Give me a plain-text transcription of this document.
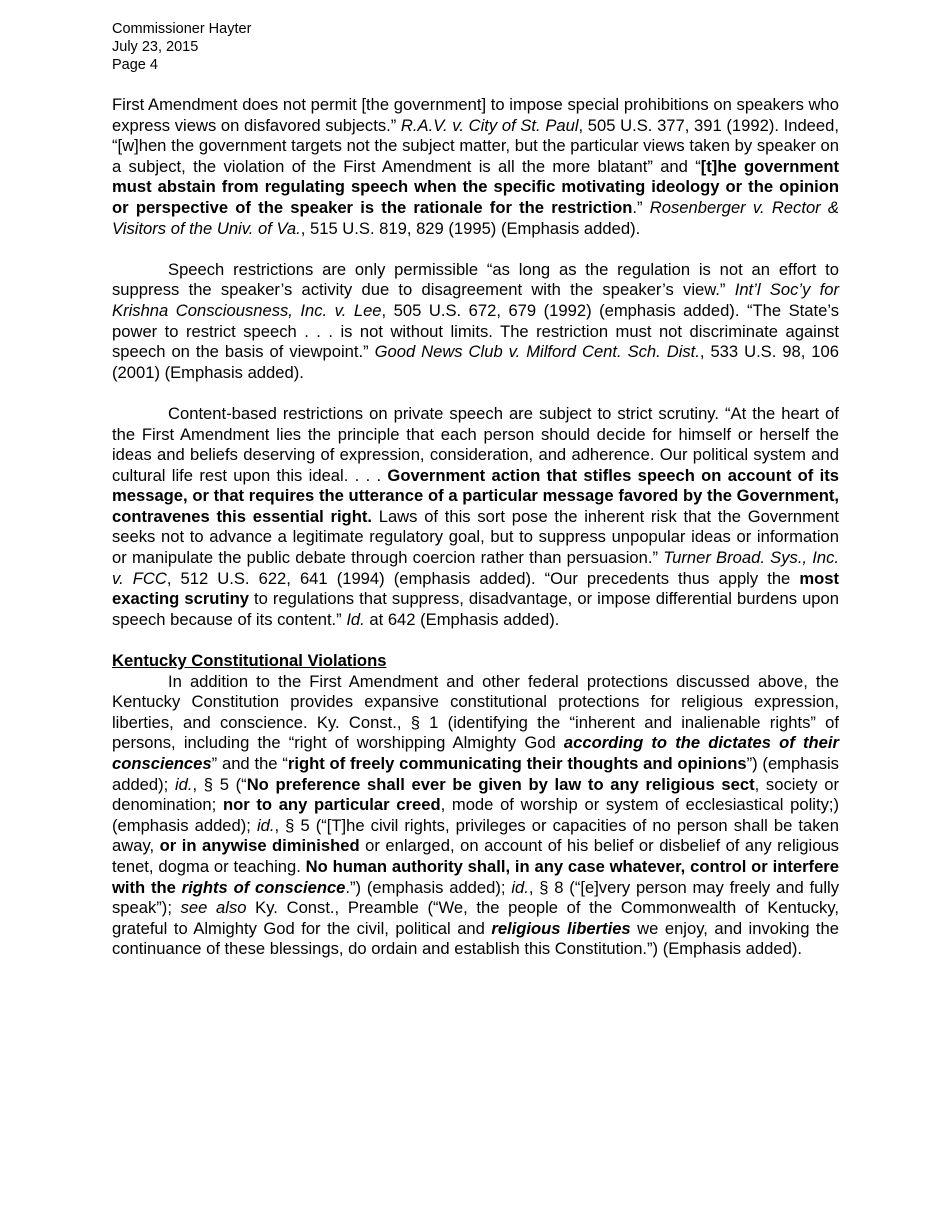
Commissioner Hayter
July 23, 2015
Page 4

First Amendment does not permit [the government] to impose special prohibitions on speakers who express views on disfavored subjects.” R.A.V. v. City of St. Paul, 505 U.S. 377, 391 (1992). Indeed, “[w]hen the government targets not the subject matter, but the particular views taken by speaker on a subject, the violation of the First Amendment is all the more blatant” and “[t]he government must abstain from regulating speech when the specific motivating ideology or the opinion or perspective of the speaker is the rationale for the restriction.” Rosenberger v. Rector & Visitors of the Univ. of Va., 515 U.S. 819, 829 (1995) (Emphasis added).

Speech restrictions are only permissible “as long as the regulation is not an effort to suppress the speaker’s activity due to disagreement with the speaker’s view.” Int’l Soc’y for Krishna Consciousness, Inc. v. Lee, 505 U.S. 672, 679 (1992) (emphasis added). “The State’s power to restrict speech . . . is not without limits. The restriction must not discriminate against speech on the basis of viewpoint.” Good News Club v. Milford Cent. Sch. Dist., 533 U.S. 98, 106 (2001) (Emphasis added).

Content-based restrictions on private speech are subject to strict scrutiny. “At the heart of the First Amendment lies the principle that each person should decide for himself or herself the ideas and beliefs deserving of expression, consideration, and adherence. Our political system and cultural life rest upon this ideal. . . . Government action that stifles speech on account of its message, or that requires the utterance of a particular message favored by the Government, contravenes this essential right. Laws of this sort pose the inherent risk that the Government seeks not to advance a legitimate regulatory goal, but to suppress unpopular ideas or information or manipulate the public debate through coercion rather than persuasion.” Turner Broad. Sys., Inc. v. FCC, 512 U.S. 622, 641 (1994) (emphasis added). “Our precedents thus apply the most exacting scrutiny to regulations that suppress, disadvantage, or impose differential burdens upon speech because of its content.” Id. at 642 (Emphasis added).

Kentucky Constitutional Violations

In addition to the First Amendment and other federal protections discussed above, the Kentucky Constitution provides expansive constitutional protections for religious expression, liberties, and conscience. Ky. Const., § 1 (identifying the “inherent and inalienable rights” of persons, including the “right of worshipping Almighty God according to the dictates of their consciences” and the “right of freely communicating their thoughts and opinions”) (emphasis added); id., § 5 (“No preference shall ever be given by law to any religious sect, society or denomination; nor to any particular creed, mode of worship or system of ecclesiastical polity;) (emphasis added); id., § 5 (“[T]he civil rights, privileges or capacities of no person shall be taken away, or in anywise diminished or enlarged, on account of his belief or disbelief of any religious tenet, dogma or teaching. No human authority shall, in any case whatever, control or interfere with the rights of conscience.”) (emphasis added); id., § 8 (“[e]very person may freely and fully speak”); see also Ky. Const., Preamble (“We, the people of the Commonwealth of Kentucky, grateful to Almighty God for the civil, political and religious liberties we enjoy, and invoking the continuance of these blessings, do ordain and establish this Constitution.”) (Emphasis added).
